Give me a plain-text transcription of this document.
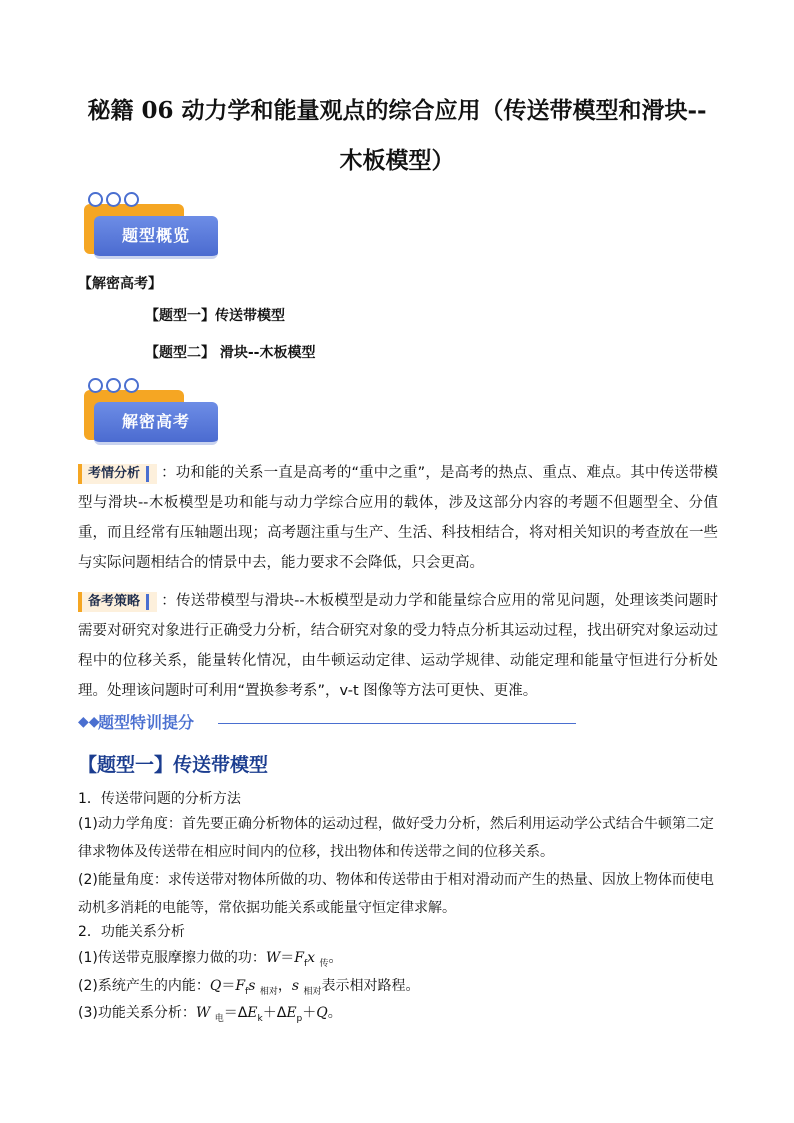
秘籍 06 动力学和能量观点的综合应用（传送带模型和滑块--
木板模型）
题型概览
【解密高考】
【题型一】传送带模型
【题型二】 滑块--木板模型
解密高考
考情分析 ：功和能的关系一直是高考的“重中之重”，是高考的热点、重点、难点。其中传送带模型与滑块--木板模型是功和能与动力学综合应用的载体，涉及这部分内容的考题不但题型全、分值重，而且经常有压轴题出现；高考题注重与生产、生活、科技相结合，将对相关知识的考查放在一些与实际问题相结合的情景中去，能力要求不会降低，只会更高。
备考策略 ：传送带模型与滑块--木板模型是动力学和能量综合应用的常见问题，处理该类问题时需要对研究对象进行正确受力分析，结合研究对象的受力特点分析其运动过程，找出研究对象运动过程中的位移关系，能量转化情况，由牛顿运动定律、运动学规律、动能定理和能量守恒进行分析处理。处理该问题时可利用“置换参考系”，v-t 图像等方法可更快、更准。
◆◆
题型特训提分
【题型一】传送带模型
1．传送带问题的分析方法
(1)动力学角度：首先要正确分析物体的运动过程，做好受力分析，然后利用运动学公式结合牛顿第二定律求物体及传送带在相应时间内的位移，找出物体和传送带之间的位移关系。
(2)能量角度：求传送带对物体所做的功、物体和传送带由于相对滑动而产生的热量、因放上物体而使电动机多消耗的电能等，常依据功能关系或能量守恒定律求解。
2．功能关系分析
(1)传送带克服摩擦力做的功：$W=F_fx$ $_传$。
(2)系统产生的内能：$Q=F_fs$ $_{相对}$，s $_{相对}$表示相对路程。
(3)功能关系分析：W $_电=\Delta E_k+\Delta E_p+Q$。
